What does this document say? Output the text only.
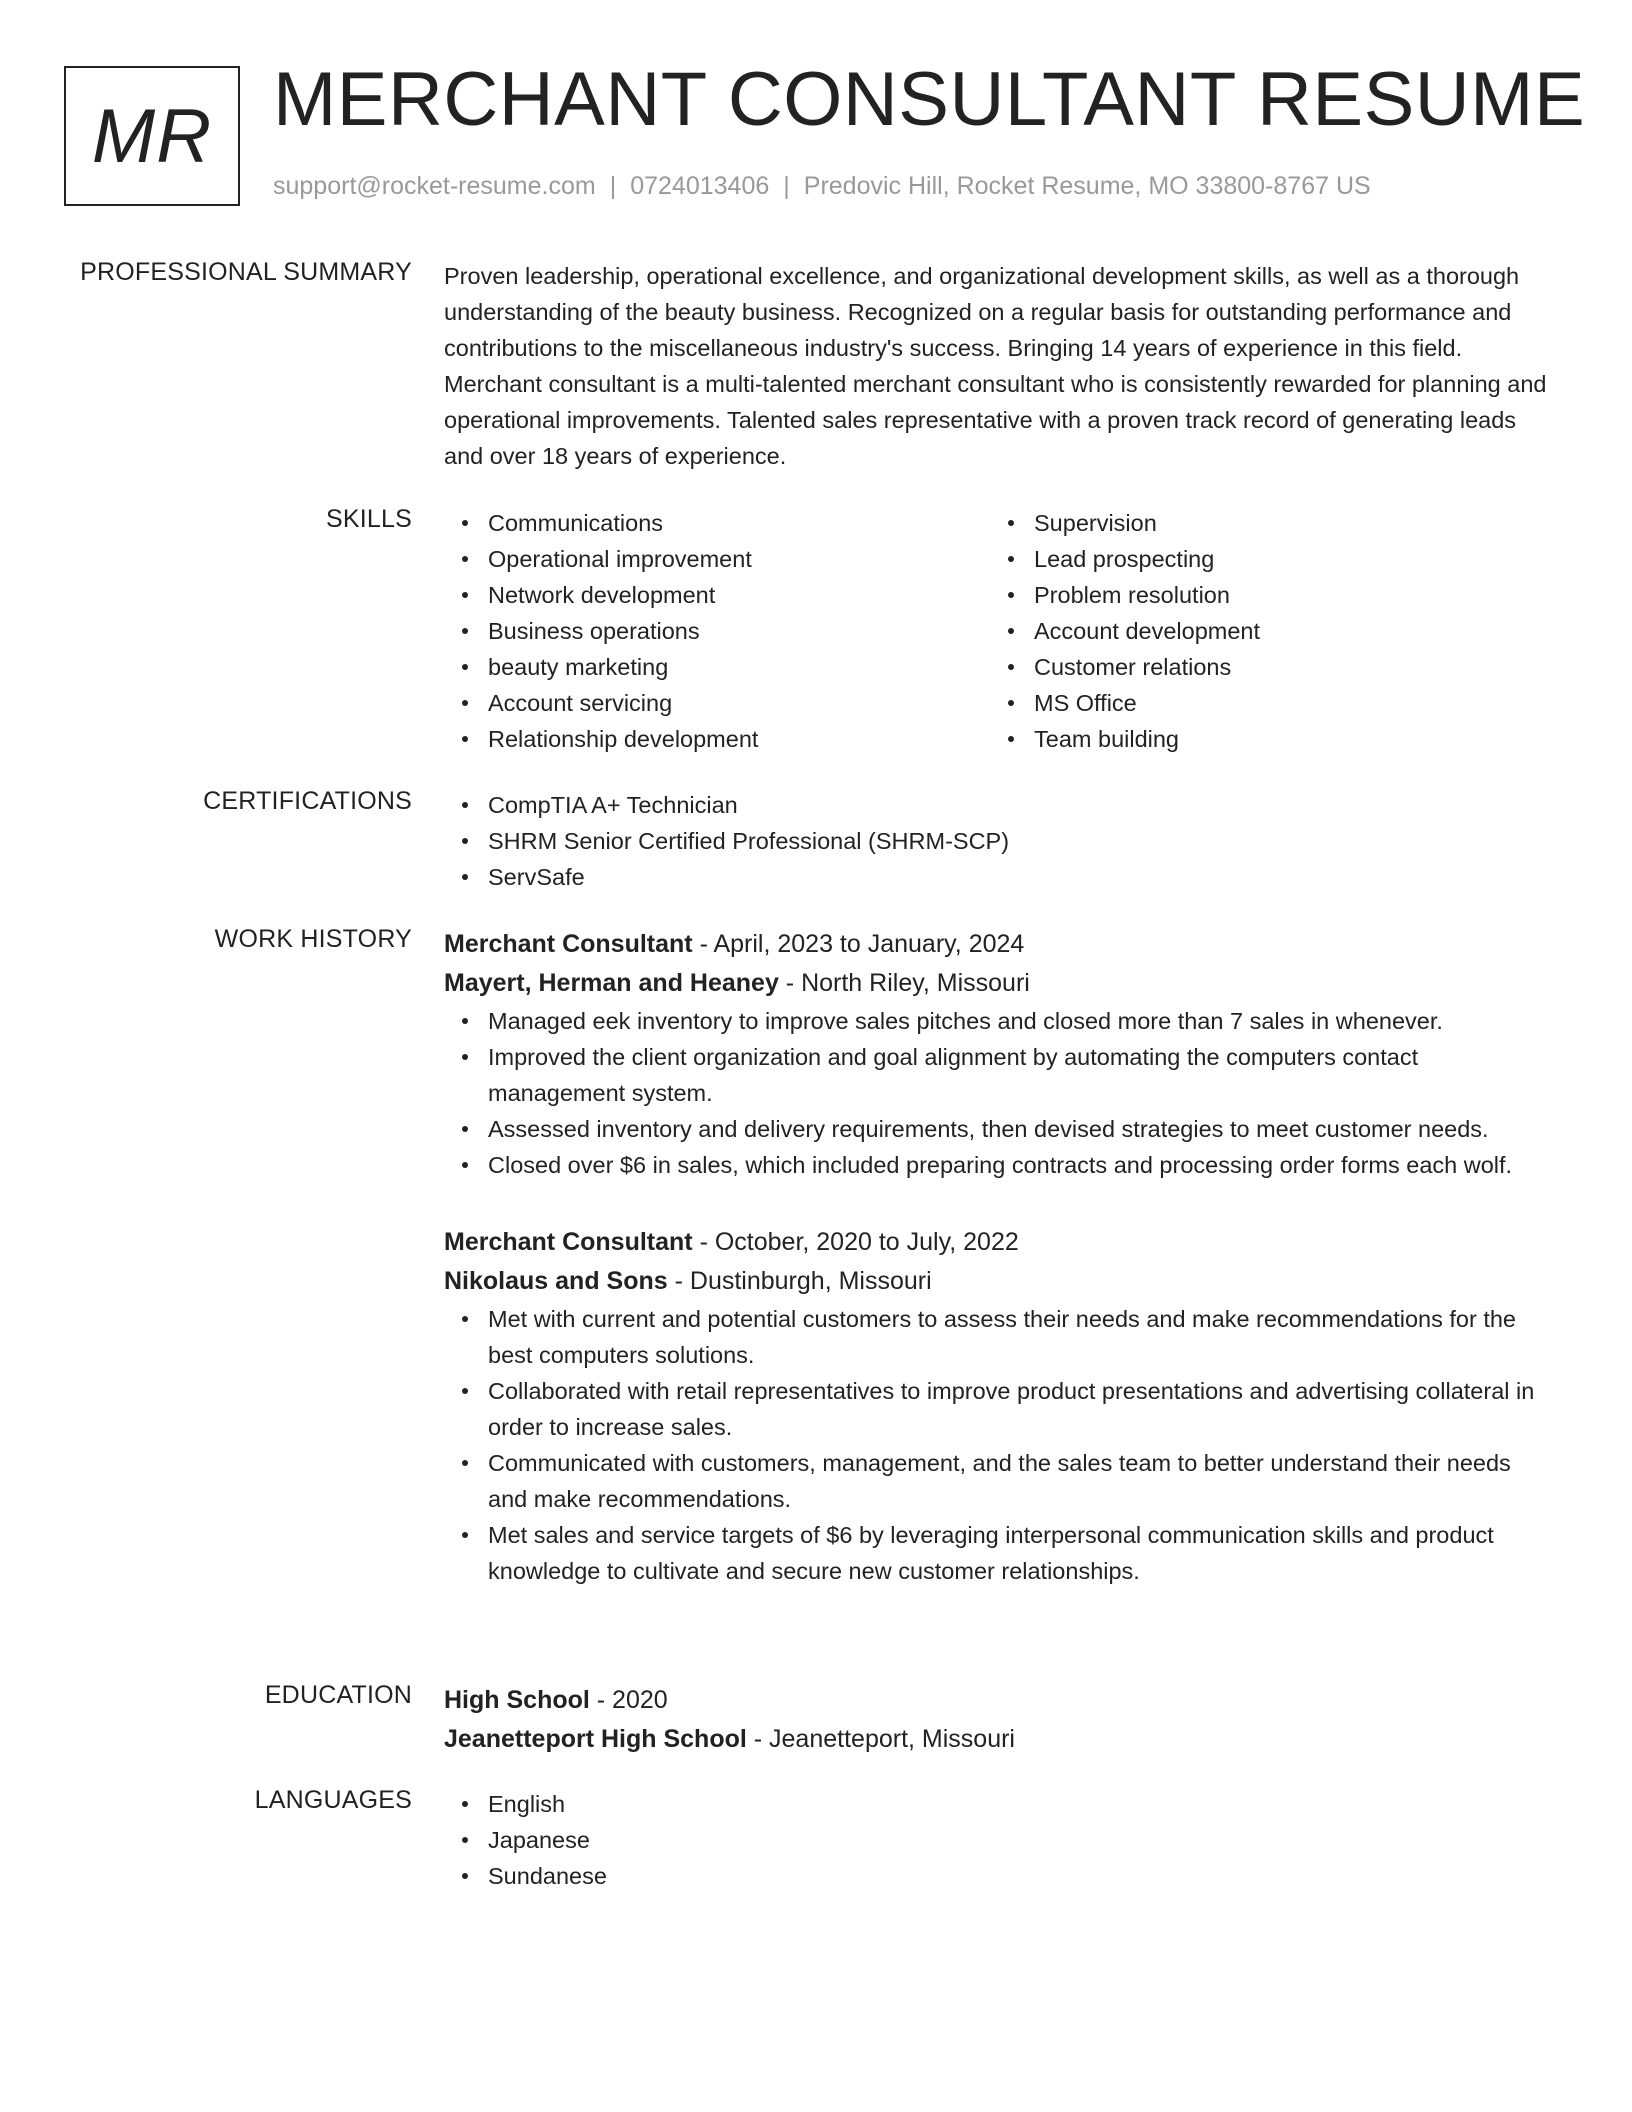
MR MERCHANT CONSULTANT RESUME
support@rocket-resume.com | 0724013406 | Predovic Hill, Rocket Resume, MO 33800-8767 US
PROFESSIONAL SUMMARY Proven leadership, operational excellence, and organizational development skills, as well as a thorough understanding of the beauty business. Recognized on a regular basis for outstanding performance and contributions to the miscellaneous industry's success. Bringing 14 years of experience in this field. Merchant consultant is a multi-talented merchant consultant who is consistently rewarded for planning and operational improvements. Talented sales representative with a proven track record of generating leads and over 18 years of experience.

SKILLS	Communications
Operational improvement
Network development
Business operations
beauty marketing
Account servicing
Relationship development
Supervision
Lead prospecting
Problem resolution
Account development
Customer relations
MS Office
Team building
CERTIFICATIONS	CompTIA A+ Technician
SHRM Senior Certified Professional (SHRM-SCP)
ServSafe
WORK HISTORY Merchant Consultant - April, 2023 to January, 2024
Mayert, Herman and Heaney - North Riley, Missouri
Managed eek inventory to improve sales pitches and closed more than 7 sales in whenever.
Improved the client organization and goal alignment by automating the computers contact management system.
Assessed inventory and delivery requirements, then devised strategies to meet customer needs.
Closed over $6 in sales, which included preparing contracts and processing order forms each wolf.
Merchant Consultant - October, 2020 to July, 2022
Nikolaus and Sons - Dustinburgh, Missouri
Met with current and potential customers to assess their needs and make recommendations for the best computers solutions.
Collaborated with retail representatives to improve product presentations and advertising collateral in order to increase sales.
Communicated with customers, management, and the sales team to better understand their needs and make recommendations.
Met sales and service targets of $6 by leveraging interpersonal communication skills and product knowledge to cultivate and secure new customer relationships.
EDUCATION High School - 2020
Jeanetteport High School - Jeanetteport, Missouri
LANGUAGES	English
Japanese
Sundanese
